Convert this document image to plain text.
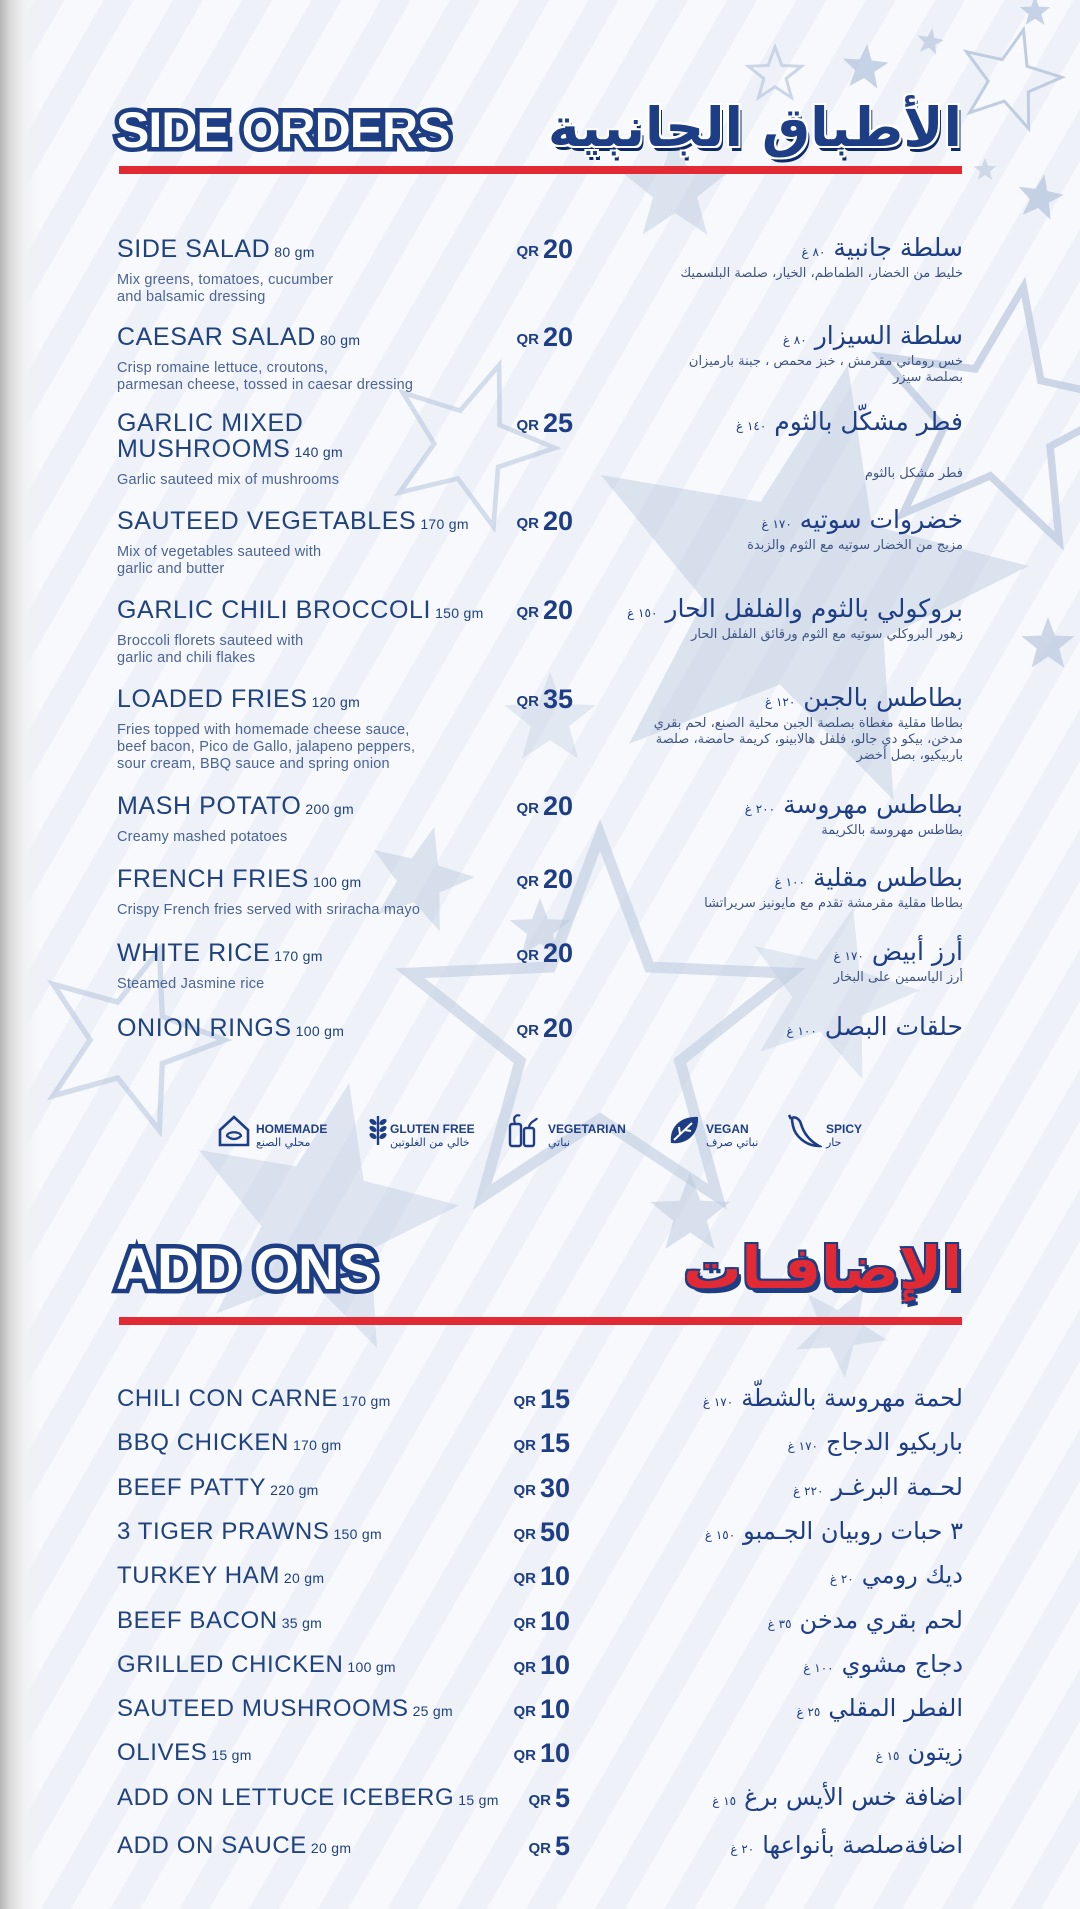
SIDE ORDERS الأطباق الجانبية
SIDE SALAD 80 gm
Mix greens, tomatoes, cucumber
and balsamic dressing
QR 20	سلطة جانبية٨٠ غ
خليط من الخضار، الطماطم، الخيار، صلصة البلسميك
CAESAR SALAD 80 gm
Crisp romaine lettuce, croutons,
parmesan cheese, tossed in caesar dressing
QR 20	سلطة السيزار٨٠ غ
خس روماني مقرمش ، خبز محمص ، جبنة بارميزان
بصلصة سيزر
GARLIC MIXED
MUSHROOMS 140 gm
Garlic sauteed mix of mushrooms
QR 25	فطر مشكّل بالثوم١٤٠ غ
فطر مشكل بالثوم
SAUTEED VEGETABLES 170 gm
Mix of vegetables sauteed with
garlic and butter
QR 20	خضروات سوتيه١٧٠ غ
مزيج من الخضار سوتيه مع الثوم والزبدة
GARLIC CHILI BROCCOLI 150 gm
Broccoli florets sauteed with
garlic and chili flakes
QR 20	بروكولي بالثوم والفلفل الحار١٥٠ غ
زهور البروكلي سوتيه مع الثوم ورقائق الفلفل الحار
LOADED FRIES 120 gm
Fries topped with homemade cheese sauce,
beef bacon, Pico de Gallo, jalapeno peppers,
sour cream, BBQ sauce and spring onion
QR 35	بطاطس بالجبن١٢٠ غ
بطاطا مقلية مغطاة بصلصة الجبن محلية الصنع، لحم بقري
مدخن، بيكو دي جالو، فلفل هالابينو، كريمة حامضة، صلصة
باربيكيو، بصل أخضر
MASH POTATO 200 gm
Creamy mashed potatoes
QR 20	بطاطس مهروسة٢٠٠ غ
بطاطس مهروسة بالكريمة
FRENCH FRIES 100 gm
Crispy French fries served with sriracha mayo
QR 20	بطاطس مقلية١٠٠ غ
بطاطا مقلية مقرمشة تقدم مع مايونيز سريراتشا
WHITE RICE 170 gm
Steamed Jasmine rice
QR 20	أرز أبيض١٧٠ غ
أرز الياسمين على البخار
ONION RINGS 100 gm	QR 20	حلقات البصل١٠٠ غ
HOMEMADE
محلي الصنع
GLUTEN FREE
خالي من الغلوتين
VEGETARIAN
نباتي
VEGAN
نباتي صرف
SPICY
حار
ADD ONS	الإضافـات
CHILI CON CARNE 170 gm	QR 15	لحمة مهروسة بالشطّة١٧٠ غ
BBQ CHICKEN 170 gm	QR 15	باربكيو الدجاج١٧٠ غ
BEEF PATTY 220 gm	QR 30	لحـمة البرغـر٢٢٠ غ
3 TIGER PRAWNS 150 gm	QR 50	٣ حبات روبيان الجـمبو١٥٠ غ
TURKEY HAM 20 gm	QR 10	ديك رومي٢٠ غ
BEEF BACON 35 gm	QR 10	لحم بقري مدخن٣٥ غ
GRILLED CHICKEN 100 gm	QR 10	دجاج مشوي١٠٠ غ
SAUTEED MUSHROOMS 25 gm	QR 10	الفطر المقلي٢٥ غ
OLIVES 15 gm	QR 10	زيتون١٥ غ
ADD ON LETTUCE ICEBERG 15 gm QR 5	اضافة خس الأيس برغ١٥ غ
ADD ON SAUCE 20 gm	QR 5	اضافةصلصة بأنواعها٢٠ غ
